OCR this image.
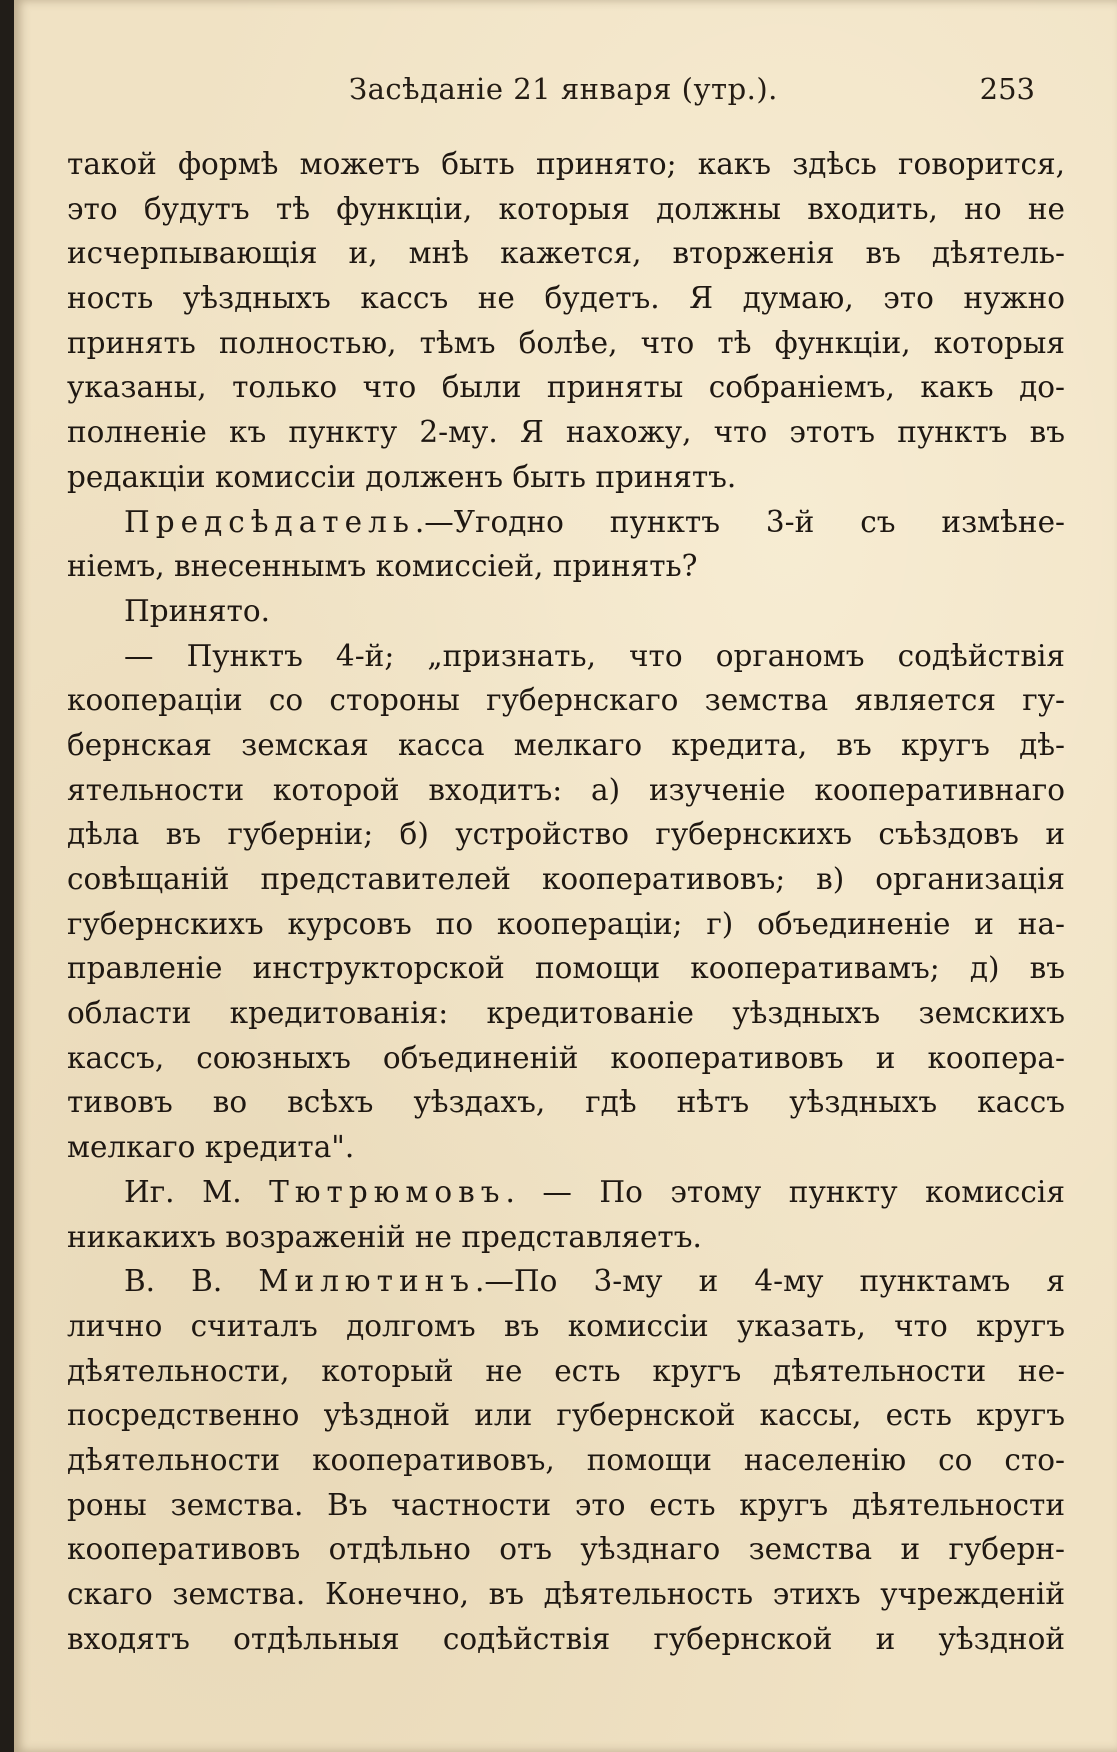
Засѣданіе 21 января (утр.).	253
такой формѣ можетъ быть принято; какъ здѣсь говорится,
это будутъ тѣ функціи, которыя должны входить, но не
исчерпывающія и, мнѣ кажется, вторженія въ дѣятель-
ность уѣздныхъ кассъ не будетъ. Я думаю, это нужно
принять полностью, тѣмъ болѣе, что тѣ функціи, которыя
указаны, только что были приняты собраніемъ, какъ до-
полненіе къ пункту 2-му. Я нахожу, что этотъ пунктъ въ
редакціи комиссіи долженъ быть принятъ.
Предсѣдатель.—Угодно пунктъ 3-й съ измѣне-
ніемъ, внесеннымъ комиссіей, принять?
Принято.
— Пунктъ 4-й; „признать, что органомъ содѣйствія
коопераціи со стороны губернскаго земства является гу-
бернская земская касса мелкаго кредита, въ кругъ дѣ-
ятельности которой входитъ: а) изученіе кооперативнаго
дѣла въ губерніи; б) устройство губернскихъ съѣздовъ и
совѣщаній представителей кооперативовъ; в) организація
губернскихъ курсовъ по коопераціи; г) объединеніе и на-
правленіе инструкторской помощи кооперативамъ; д) въ
области кредитованія: кредитованіе уѣздныхъ земскихъ
кассъ, союзныхъ объединеній кооперативовъ и коопера-
тивовъ во всѣхъ уѣздахъ, гдѣ нѣтъ уѣздныхъ кассъ
мелкаго кредита".
Иг. М. Тютрюмовъ. — По этому пункту комиссія
никакихъ возраженій не представляетъ.
В. В. Милютинъ.—По 3-му и 4-му пунктамъ я
лично считалъ долгомъ въ комиссіи указать, что кругъ
дѣятельности, который не есть кругъ дѣятельности не-
посредственно уѣздной или губернской кассы, есть кругъ
дѣятельности кооперативовъ, помощи населенію со сто-
роны земства. Въ частности это есть кругъ дѣятельности
кооперативовъ отдѣльно отъ уѣзднаго земства и губерн-
скаго земства. Конечно, въ дѣятельность этихъ учрежденій
входятъ отдѣльныя содѣйствія губернской и уѣздной
